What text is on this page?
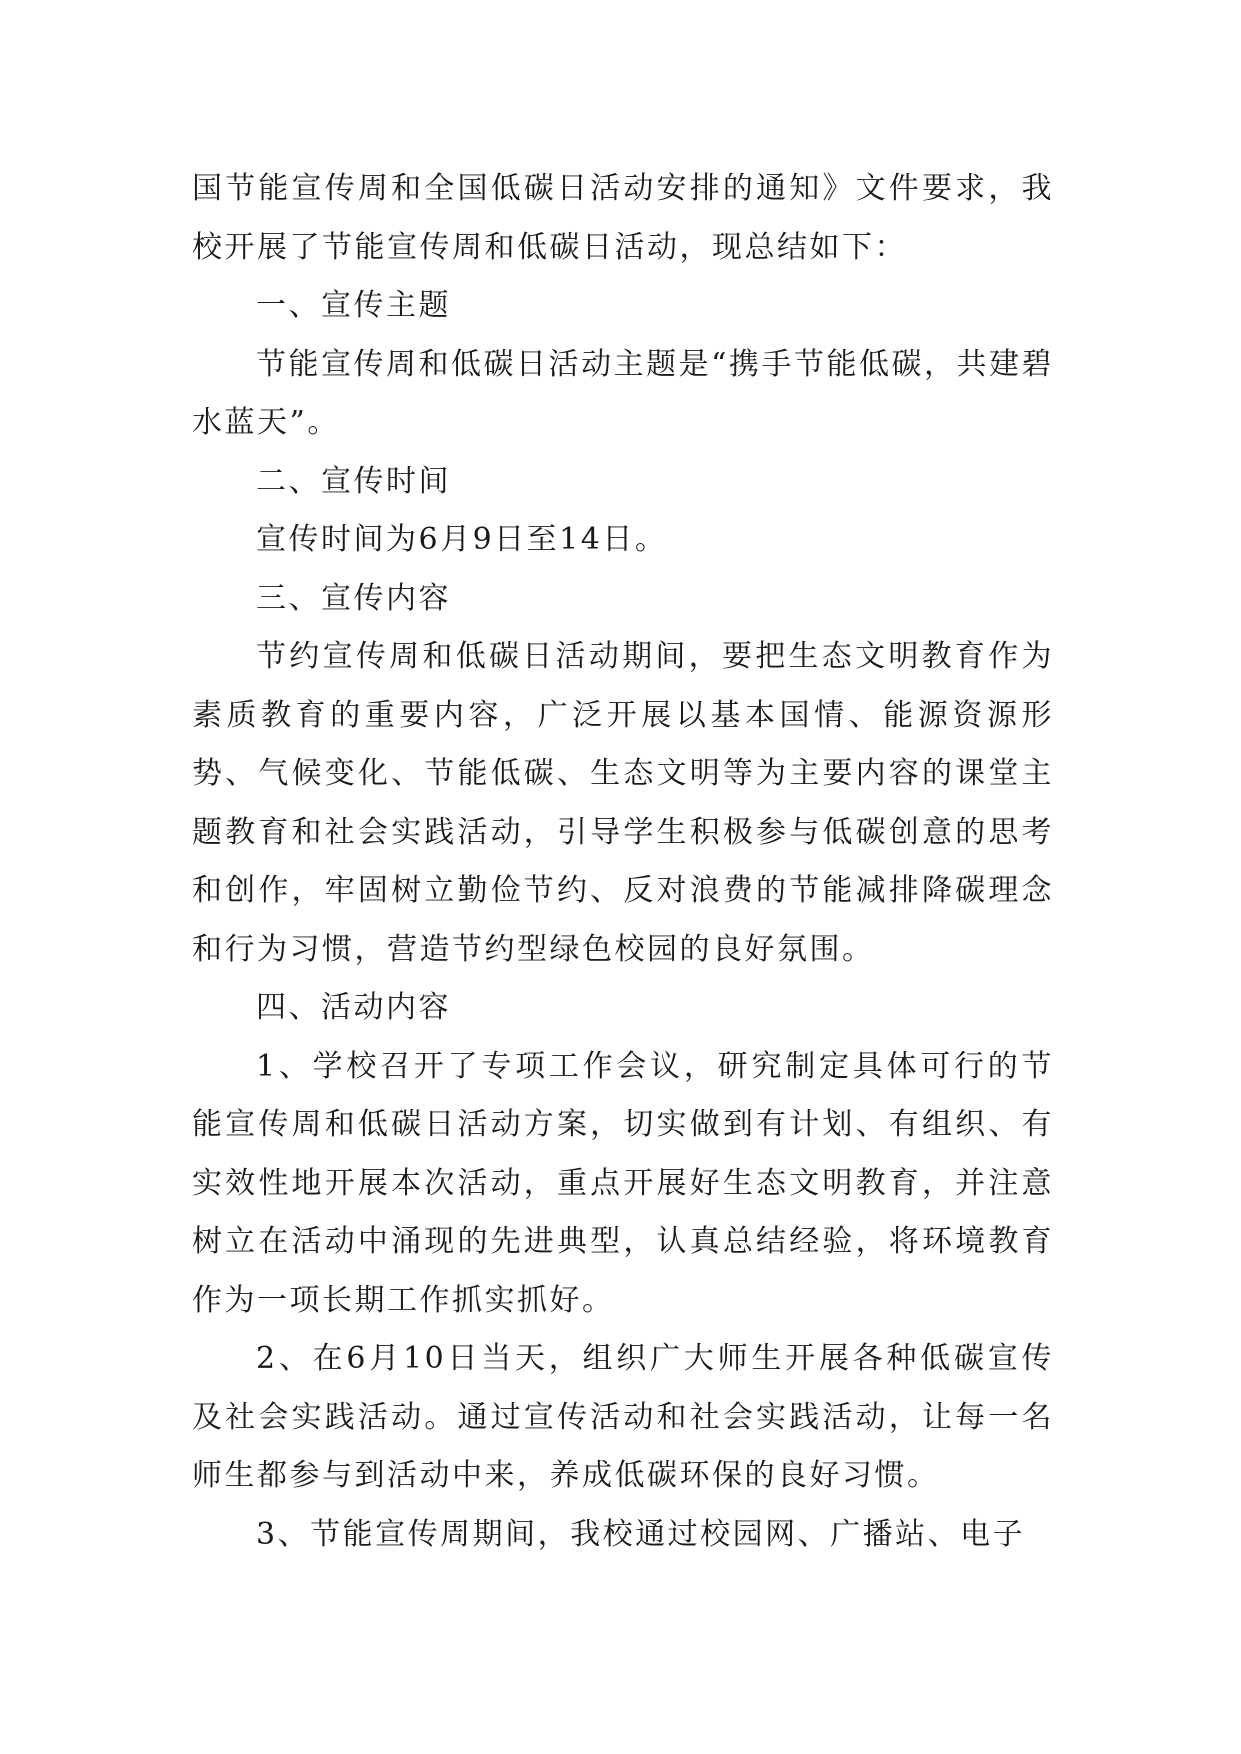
国节能宣传周和全国低碳日活动安排的通知》文件要求，我校开展了节能宣传周和低碳日活动，现总结如下：

一、宣传主题

节能宣传周和低碳日活动主题是“携手节能低碳，共建碧水蓝天”。

二、宣传时间

宣传时间为6月9日至14日。

三、宣传内容

节约宣传周和低碳日活动期间，要把生态文明教育作为素质教育的重要内容，广泛开展以基本国情、能源资源形势、气候变化、节能低碳、生态文明等为主要内容的课堂主题教育和社会实践活动，引导学生积极参与低碳创意的思考和创作，牢固树立勤俭节约、反对浪费的节能减排降碳理念和行为习惯，营造节约型绿色校园的良好氛围。

四、活动内容

1、学校召开了专项工作会议，研究制定具体可行的节能宣传周和低碳日活动方案，切实做到有计划、有组织、有实效性地开展本次活动，重点开展好生态文明教育，并注意树立在活动中涌现的先进典型，认真总结经验，将环境教育作为一项长期工作抓实抓好。

2、在6月10日当天，组织广大师生开展各种低碳宣传及社会实践活动。通过宣传活动和社会实践活动，让每一名师生都参与到活动中来，养成低碳环保的良好习惯。

3、节能宣传周期间，我校通过校园网、广播站、电子
